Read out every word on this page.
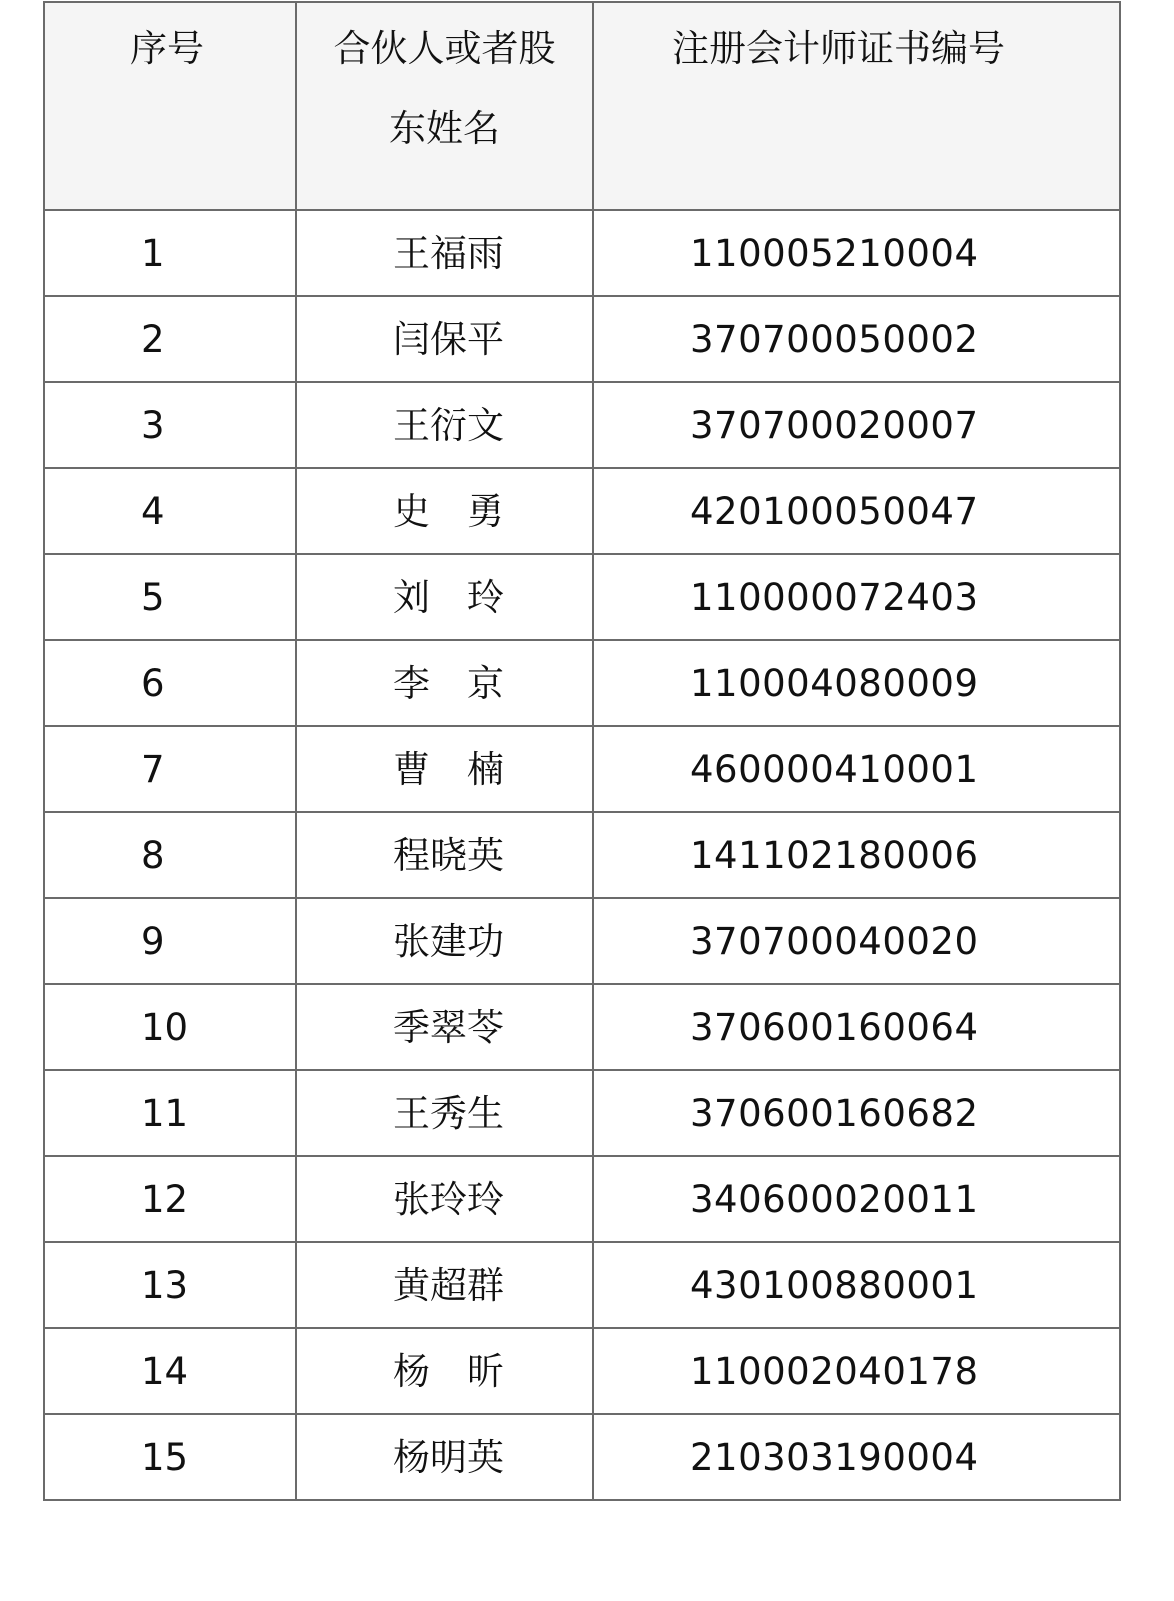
序号	合伙人或者股东姓名	注册会计师证书编号
1	王福雨	110005210004
2	闫保平	370700050002
3	王衍文	370700020007
4	史　勇	420100050047
5	刘　玲	110000072403
6	李　京	110004080009
7	曹　楠	460000410001
8	程晓英	141102180006
9	张建功	370700040020
10	季翠苓	370600160064
11	王秀生	370600160682
12	张玲玲	340600020011
13	黄超群	430100880001
14	杨　昕	110002040178
15	杨明英	210303190004
